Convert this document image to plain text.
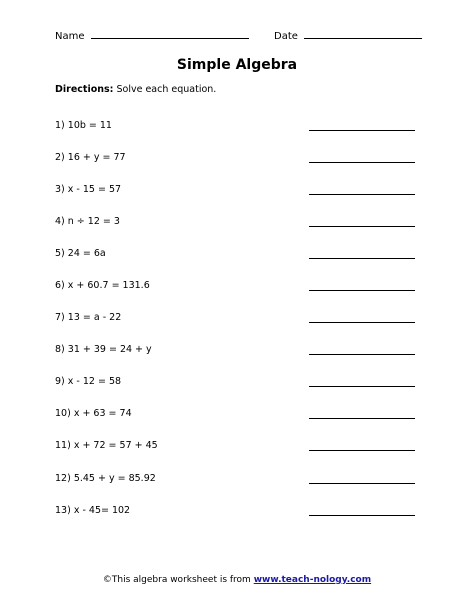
Name	Date
Simple Algebra
Directions: Solve each equation.
1) 10b = 11
2) 16 + y = 77
3) x - 15 = 57
4) n ÷ 12 = 3
5) 24 = 6a
6) x + 60.7 = 131.6
7) 13 = a - 22
8) 31 + 39 = 24 + y
9) x - 12 = 58
10) x + 63 = 74
11) x + 72 = 57 + 45
12) 5.45 + y = 85.92
13) x - 45= 102
©This algebra worksheet is from www.teach-nology.com
